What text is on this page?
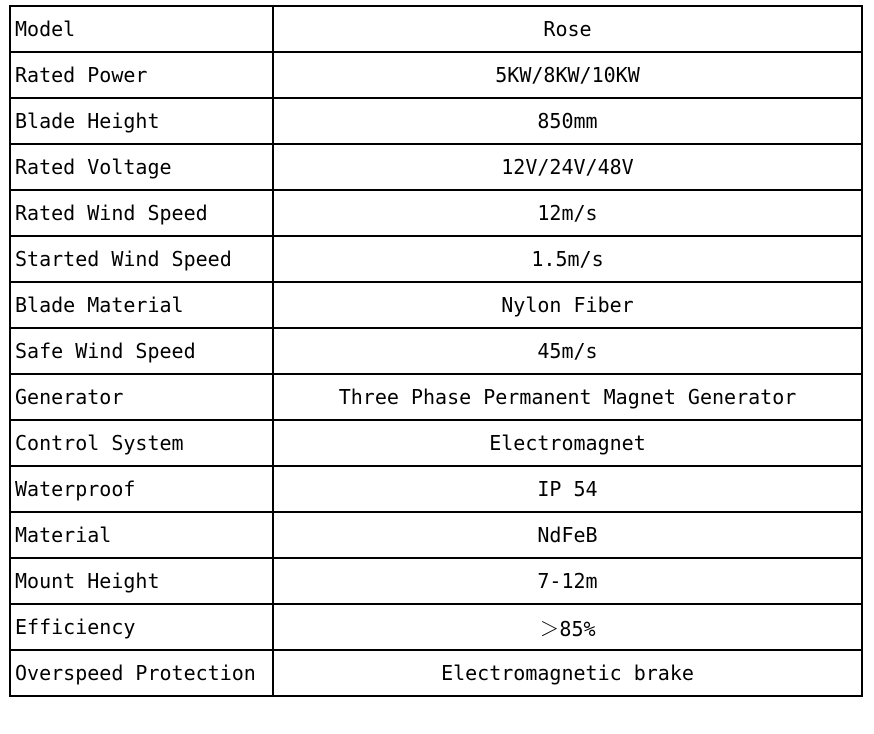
Model	Rose
Rated Power	5KW/8KW/10KW
Blade Height	850mm
Rated Voltage	12V/24V/48V
Rated Wind Speed	12m/s
Started Wind Speed	1.5m/s
Blade Material	Nylon Fiber
Safe Wind Speed	45m/s
Generator	Three Phase Permanent Magnet Generator
Control System	Electromagnet
Waterproof	IP 54
Material	NdFeB
Mount Height	7-12m
Efficiency	＞85%
Overspeed Protection	Electromagnetic brake
